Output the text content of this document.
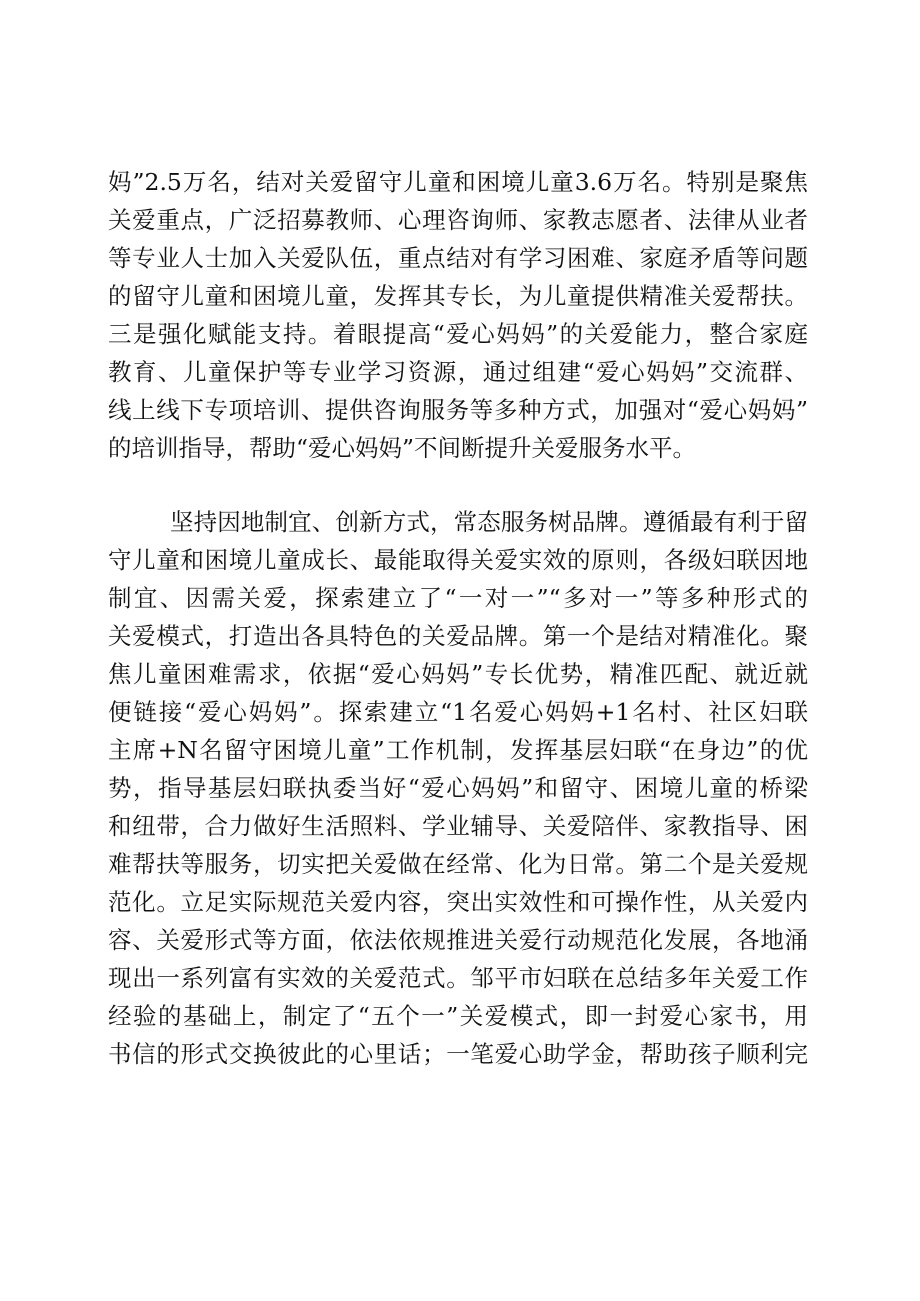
妈”2.5万名，结对关爱留守儿童和困境儿童3.6万名。特别是聚焦
关爱重点，广泛招募教师、心理咨询师、家教志愿者、法律从业者
等专业人士加入关爱队伍，重点结对有学习困难、家庭矛盾等问题
的留守儿童和困境儿童，发挥其专长，为儿童提供精准关爱帮扶。
三是强化赋能支持。着眼提高“爱心妈妈”的关爱能力，整合家庭
教育、儿童保护等专业学习资源，通过组建“爱心妈妈”交流群、
线上线下专项培训、提供咨询服务等多种方式，加强对“爱心妈妈”
的培训指导，帮助“爱心妈妈”不间断提升关爱服务水平。
坚持因地制宜、创新方式，常态服务树品牌。遵循最有利于留
守儿童和困境儿童成长、最能取得关爱实效的原则，各级妇联因地
制宜、因需关爱，探索建立了“一对一”“多对一”等多种形式的
关爱模式，打造出各具特色的关爱品牌。第一个是结对精准化。聚
焦儿童困难需求，依据“爱心妈妈”专长优势，精准匹配、就近就
便链接“爱心妈妈”。探索建立“1名爱心妈妈+1名村、社区妇联
主席+N名留守困境儿童”工作机制，发挥基层妇联“在身边”的优
势，指导基层妇联执委当好“爱心妈妈”和留守、困境儿童的桥梁
和纽带，合力做好生活照料、学业辅导、关爱陪伴、家教指导、困
难帮扶等服务，切实把关爱做在经常、化为日常。第二个是关爱规
范化。立足实际规范关爱内容，突出实效性和可操作性，从关爱内
容、关爱形式等方面，依法依规推进关爱行动规范化发展，各地涌
现出一系列富有实效的关爱范式。邹平市妇联在总结多年关爱工作
经验的基础上，制定了“五个一”关爱模式，即一封爱心家书，用
书信的形式交换彼此的心里话；一笔爱心助学金，帮助孩子顺利完
